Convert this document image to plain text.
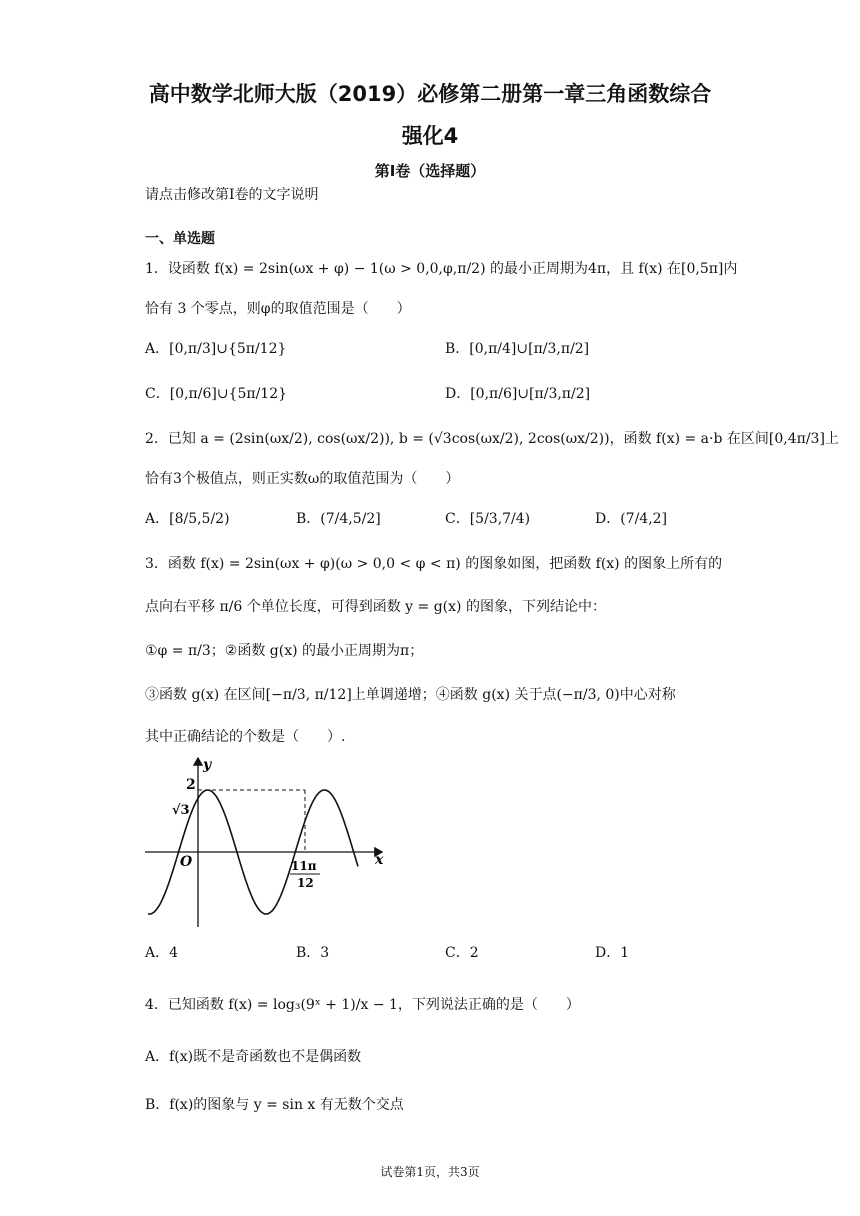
高中数学北师大版（2019）必修第二册第一章三角函数综合
强化4
第Ⅰ卷（选择题）
请点击修改第I卷的文字说明
一、单选题
1．设函数 f(x) = 2sin(ωx + φ) − 1(ω > 0,0,φ,π/2) 的最小正周期为4π，且 f(x) 在[0,5π]内
恰有 3 个零点，则φ的取值范围是（　　）
A．[0,π/3]∪{5π/12}	B．[0,π/4]∪[π/3,π/2]
C．[0,π/6]∪{5π/12}	D．[0,π/6]∪[π/3,π/2]
2．已知 a = (2sin(ωx/2), cos(ωx/2)), b = (√3cos(ωx/2), 2cos(ωx/2))，函数 f(x) = a·b 在区间[0,4π/3]上
恰有3个极值点，则正实数ω的取值范围为（　　）
A．[8/5,5/2)	B．(7/4,5/2]	C．[5/3,7/4)	D．(7/4,2]
3．函数 f(x) = 2sin(ωx + φ)(ω > 0,0 < φ < π) 的图象如图，把函数 f(x) 的图象上所有的
点向右平移 π/6 个单位长度，可得到函数 y = g(x) 的图象，下列结论中：
①φ = π/3；②函数 g(x) 的最小正周期为π；
③函数 g(x) 在区间[−π/3, π/12]上单调递增；④函数 g(x) 关于点(−π/3, 0)中心对称
其中正确结论的个数是（　　）.
y
x
O
2
√3
11π
12
A．4	B．3	C．2	D．1
4．已知函数 f(x) = log₃(9ˣ + 1)/x − 1，下列说法正确的是（　　）
A．f(x)既不是奇函数也不是偶函数
B．f(x)的图象与 y = sin x 有无数个交点
试卷第1页，共3页
